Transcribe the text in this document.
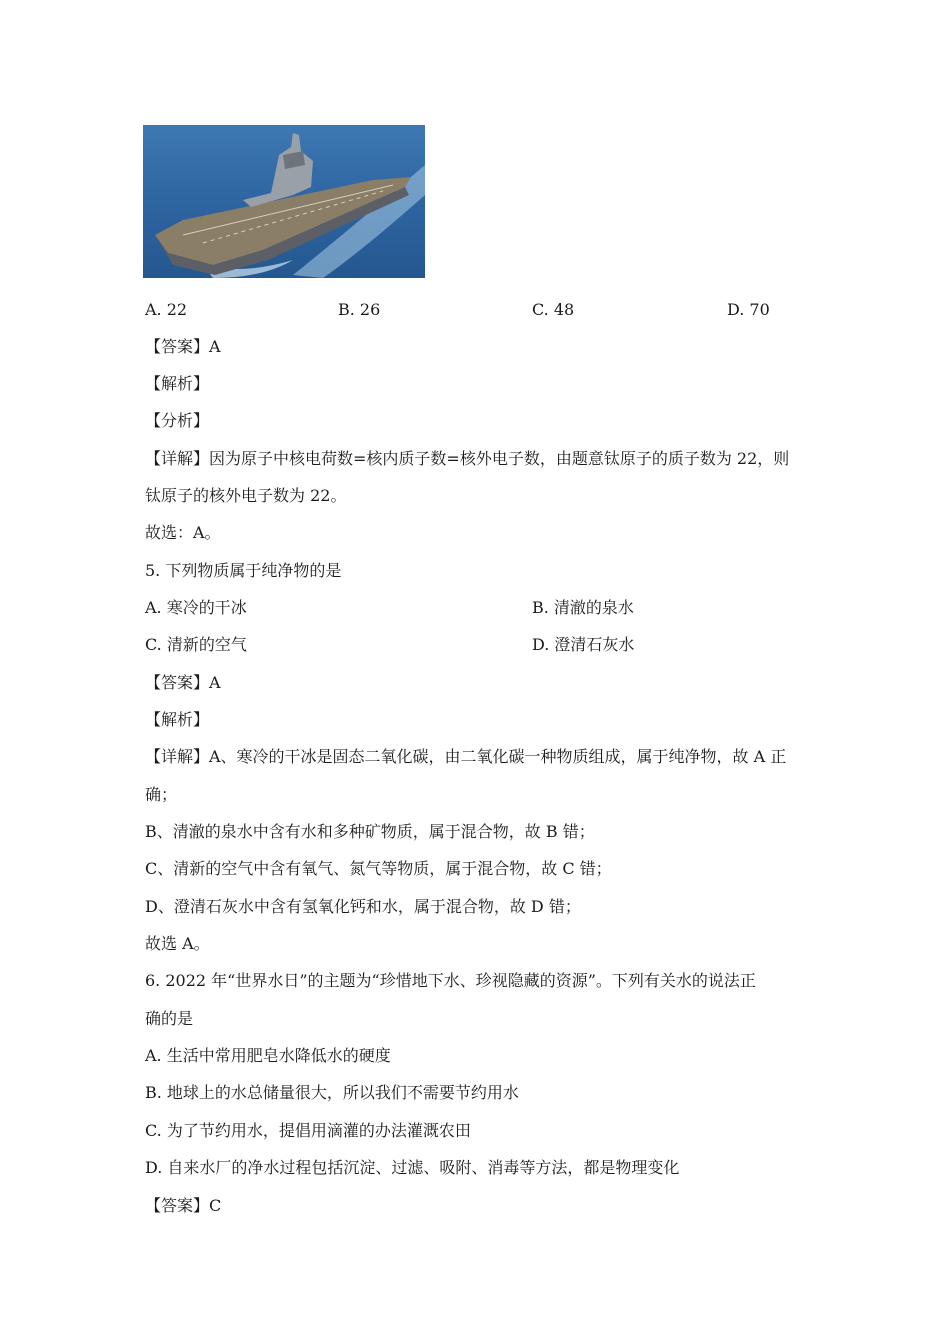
A. 22	B. 26	C. 48	D. 70
【答案】A
【解析】
【分析】
【详解】因为原子中核电荷数=核内质子数=核外电子数，由题意钛原子的质子数为 22，则
钛原子的核外电子数为 22。
故选：A。
5. 下列物质属于纯净物的是
A. 寒冷的干冰	B. 清澈的泉水
C. 清新的空气	D. 澄清石灰水
【答案】A
【解析】
【详解】A、寒冷的干冰是固态二氧化碳，由二氧化碳一种物质组成，属于纯净物，故 A 正
确；
B、清澈的泉水中含有水和多种矿物质，属于混合物，故 B 错；
C、清新的空气中含有氧气、氮气等物质，属于混合物，故 C 错；
D、澄清石灰水中含有氢氧化钙和水，属于混合物，故 D 错；
故选 A。
6. 2022 年“世界水日”的主题为“珍惜地下水、珍视隐藏的资源”。下列有关水的说法正
确的是
A. 生活中常用肥皂水降低水的硬度
B. 地球上的水总储量很大，所以我们不需要节约用水
C. 为了节约用水，提倡用滴灌的办法灌溉农田
D. 自来水厂的净水过程包括沉淀、过滤、吸附、消毒等方法，都是物理变化
【答案】C
